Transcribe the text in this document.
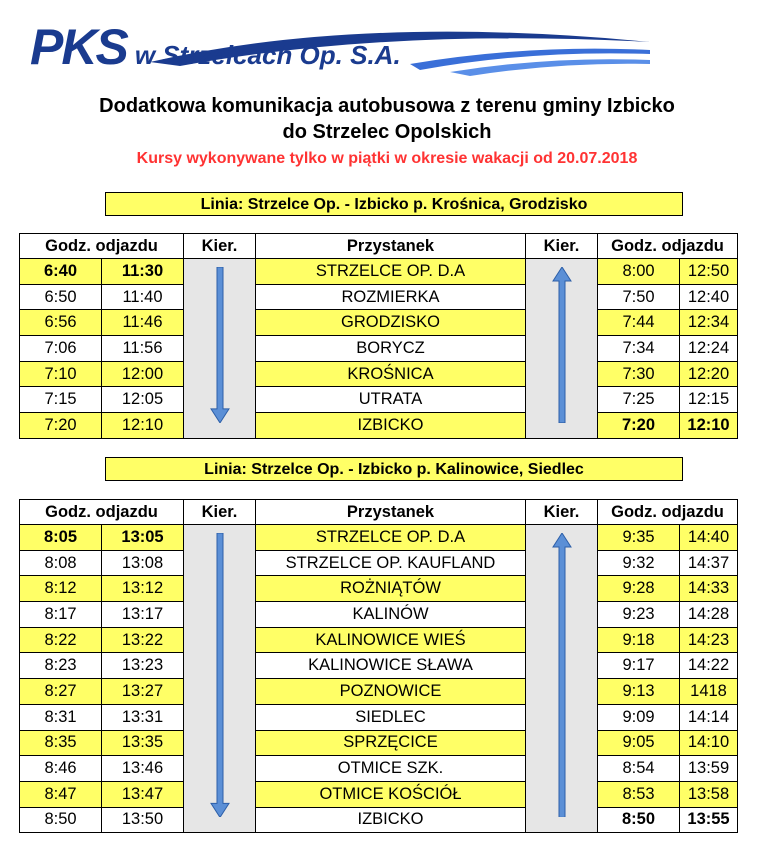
PKS w Strzelcach Op. S.A.
Dodatkowa komunikacja autobusowa z terenu gminy Izbicko
do Strzelec Opolskich
Kursy wykonywane tylko w piątki w okresie wakacji od 20.07.2018
Linia: Strzelce Op. - Izbicko p. Krośnica, Grodzisko
Linia: Strzelce Op. - Izbicko p. Kalinowice, Siedlec
Godz. odjazdu		Kier.	Przystanek	Kier.	Godz. odjazdu	
6:40	11:30		STRZELCE OP. D.A		8:00	12:50
6:50	11:40		ROZMIERKA		7:50	12:40
6:56	11:46		GRODZISKO		7:44	12:34
7:06	11:56		BORYCZ		7:34	12:24
7:10	12:00		KROŚNICA		7:30	12:20
7:15	12:05		UTRATA		7:25	12:15
7:20	12:10		IZBICKO		7:20	12:10
Godz. odjazdu		Kier.	Przystanek	Kier.	Godz. odjazdu	
8:05	13:05		STRZELCE OP. D.A		9:35	14:40
8:08	13:08		STRZELCE OP. KAUFLAND		9:32	14:37
8:12	13:12		ROŻNIĄTÓW		9:28	14:33
8:17	13:17		KALINÓW		9:23	14:28
8:22	13:22		KALINOWICE WIEŚ		9:18	14:23
8:23	13:23		KALINOWICE SŁAWA		9:17	14:22
8:27	13:27		POZNOWICE		9:13	1418
8:31	13:31		SIEDLEC		9:09	14:14
8:35	13:35		SPRZĘCICE		9:05	14:10
8:46	13:46		OTMICE SZK.		8:54	13:59
8:47	13:47		OTMICE KOŚCIÓŁ		8:53	13:58
8:50	13:50		IZBICKO		8:50	13:55
